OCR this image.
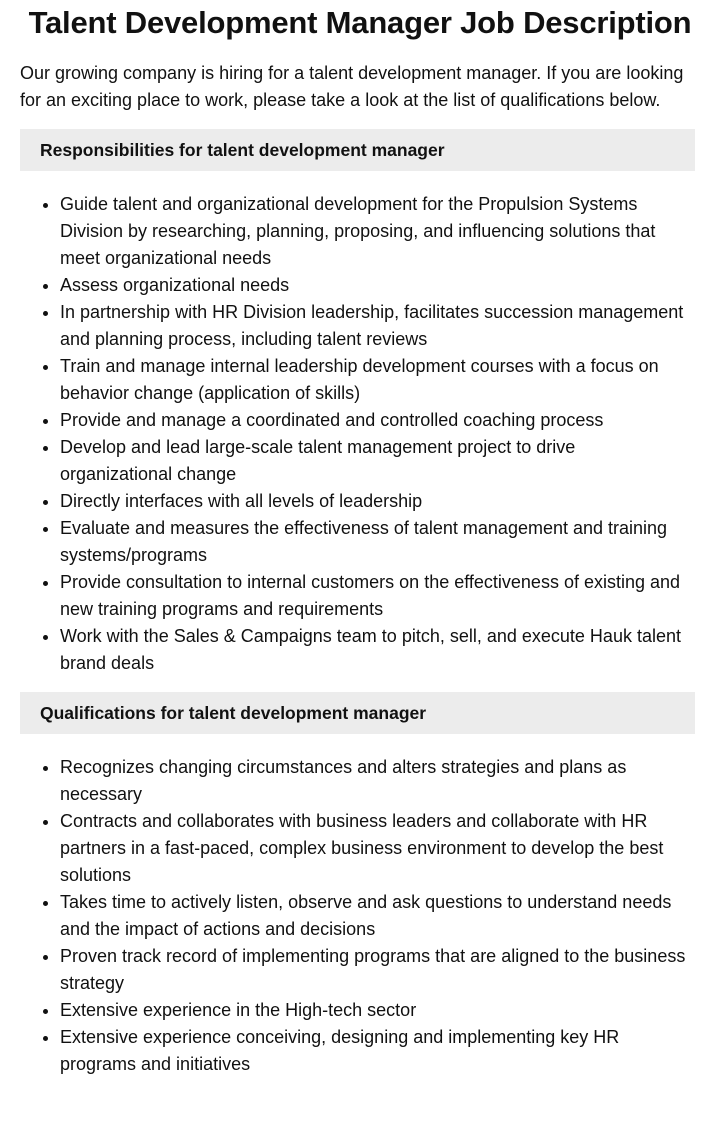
Talent Development Manager Job Description

Our growing company is hiring for a talent development manager. If you are looking for an exciting place to work, please take a look at the list of qualifications below.

Responsibilities for talent development manager
• Guide talent and organizational development for the Propulsion Systems Division by researching, planning, proposing, and influencing solutions that meet organizational needs
• Assess organizational needs
• In partnership with HR Division leadership, facilitates succession management and planning process, including talent reviews
• Train and manage internal leadership development courses with a focus on behavior change (application of skills)
• Provide and manage a coordinated and controlled coaching process
• Develop and lead large-scale talent management project to drive organizational change
• Directly interfaces with all levels of leadership
• Evaluate and measures the effectiveness of talent management and training systems/programs
• Provide consultation to internal customers on the effectiveness of existing and new training programs and requirements
• Work with the Sales & Campaigns team to pitch, sell, and execute Hauk talent brand deals
Qualifications for talent development manager
• Recognizes changing circumstances and alters strategies and plans as necessary
• Contracts and collaborates with business leaders and collaborate with HR partners in a fast-paced, complex business environment to develop the best solutions
• Takes time to actively listen, observe and ask questions to understand needs and the impact of actions and decisions
• Proven track record of implementing programs that are aligned to the business strategy
• Extensive experience in the High-tech sector
• Extensive experience conceiving, designing and implementing key HR programs and initiatives
